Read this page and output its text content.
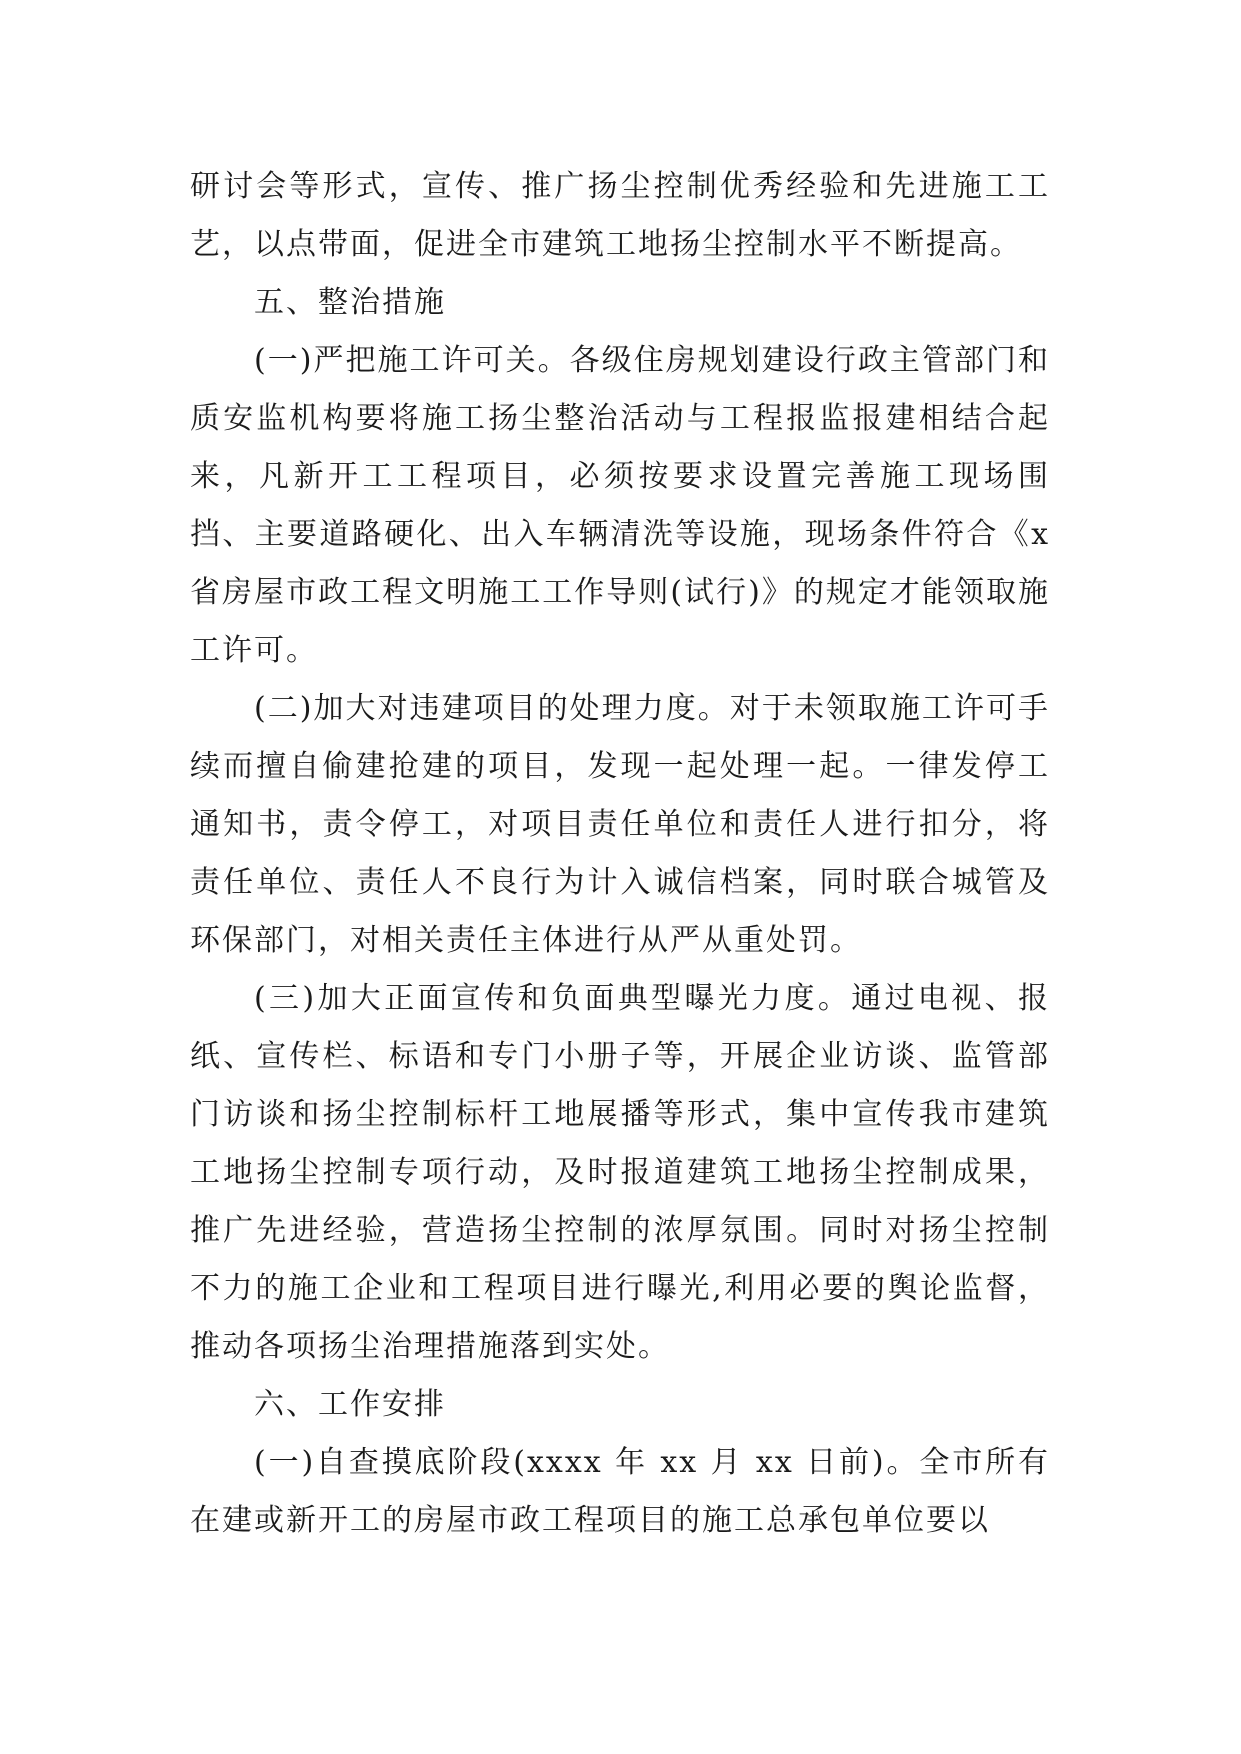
研讨会等形式，宣传、推广扬尘控制优秀经验和先进施工工艺，以点带面，促进全市建筑工地扬尘控制水平不断提高。

五、整治措施

(一)严把施工许可关。各级住房规划建设行政主管部门和质安监机构要将施工扬尘整治活动与工程报监报建相结合起来，凡新开工工程项目，必须按要求设置完善施工现场围挡、主要道路硬化、出入车辆清洗等设施，现场条件符合《x省房屋市政工程文明施工工作导则(试行)》的规定才能领取施工许可。

(二)加大对违建项目的处理力度。对于未领取施工许可手续而擅自偷建抢建的项目，发现一起处理一起。一律发停工通知书，责令停工，对项目责任单位和责任人进行扣分，将责任单位、责任人不良行为计入诚信档案，同时联合城管及环保部门，对相关责任主体进行从严从重处罚。

(三)加大正面宣传和负面典型曝光力度。通过电视、报纸、宣传栏、标语和专门小册子等，开展企业访谈、监管部门访谈和扬尘控制标杆工地展播等形式，集中宣传我市建筑工地扬尘控制专项行动，及时报道建筑工地扬尘控制成果，推广先进经验，营造扬尘控制的浓厚氛围。同时对扬尘控制不力的施工企业和工程项目进行曝光,利用必要的舆论监督，推动各项扬尘治理措施落到实处。

六、工作安排

(一)自查摸底阶段(xxxx 年 xx 月 xx 日前)。全市所有在建或新开工的房屋市政工程项目的施工总承包单位要以
